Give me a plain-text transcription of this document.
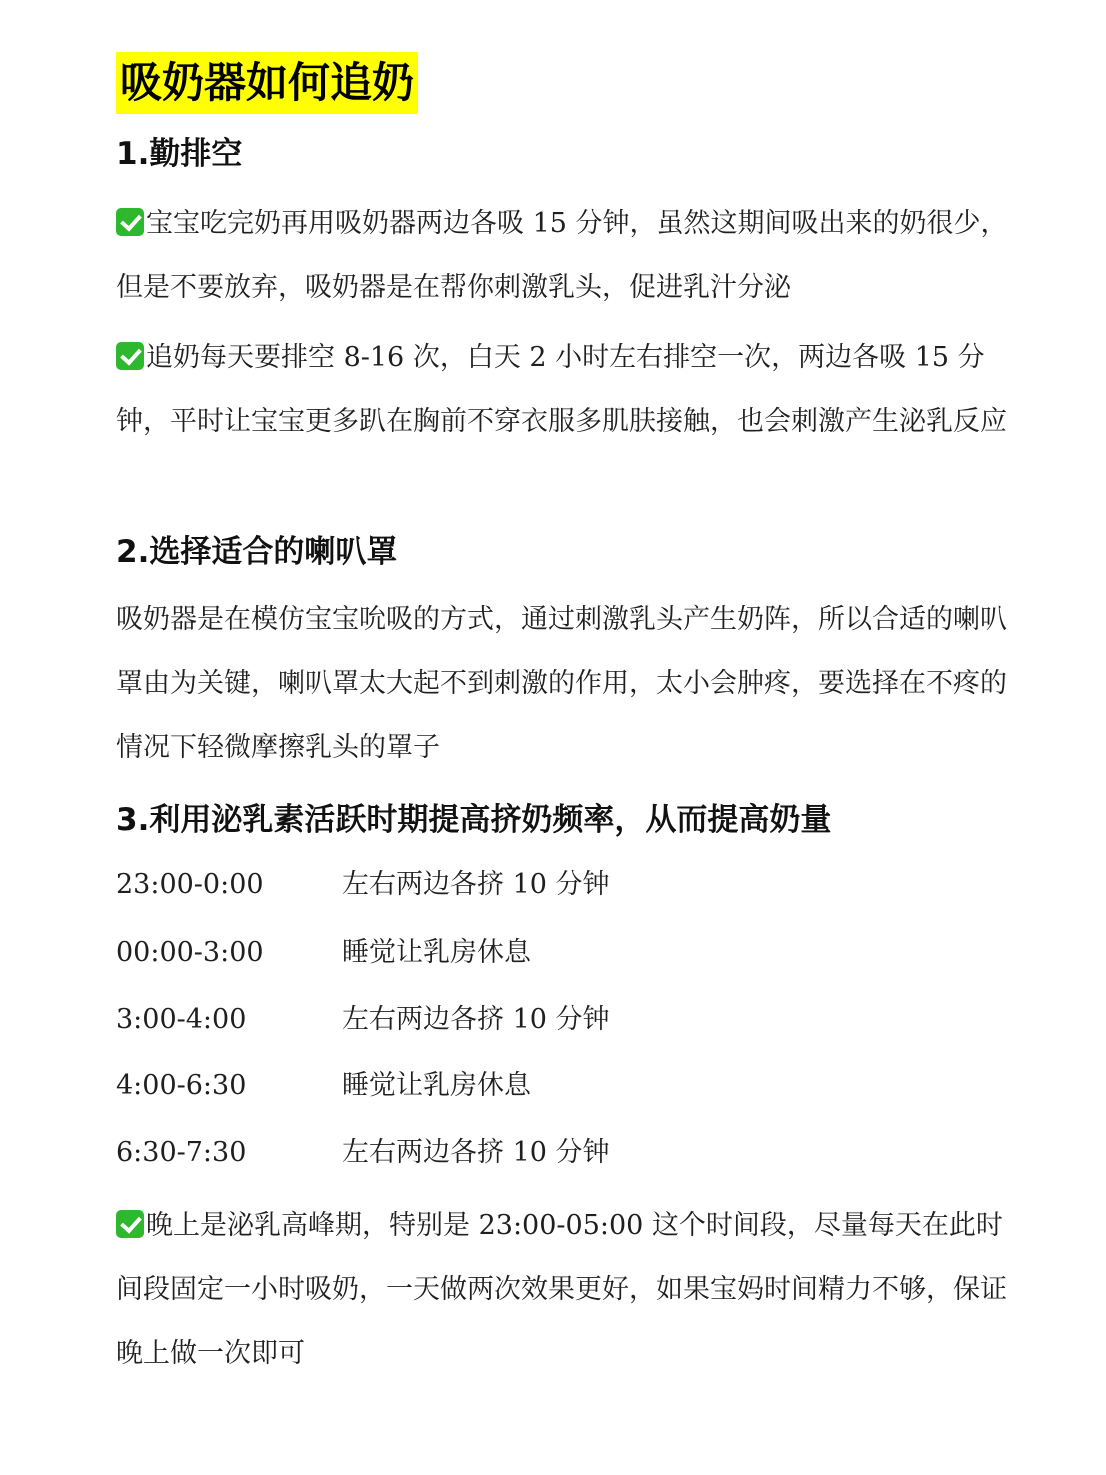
吸奶器如何追奶
1.勤排空

宝宝吃完奶再用吸奶器两边各吸 15 分钟，虽然这期间吸出来的奶很少，但是不要放弃，吸奶器是在帮你刺激乳头，促进乳汁分泌

追奶每天要排空 8-16 次，白天 2 小时左右排空一次，两边各吸 15 分钟，平时让宝宝更多趴在胸前不穿衣服多肌肤接触，也会刺激产生泌乳反应

2.选择适合的喇叭罩

吸奶器是在模仿宝宝吮吸的方式，通过刺激乳头产生奶阵，所以合适的喇叭罩由为关键，喇叭罩太大起不到刺激的作用，太小会肿疼，要选择在不疼的情况下轻微摩擦乳头的罩子

3.利用泌乳素活跃时期提高挤奶频率，从而提高奶量
23:00-0:00	左右两边各挤 10 分钟
00:00-3:00	睡觉让乳房休息
3:00-4:00	左右两边各挤 10 分钟
4:00-6:30	睡觉让乳房休息
6:30-7:30	左右两边各挤 10 分钟

晚上是泌乳高峰期，特别是 23:00-05:00 这个时间段，尽量每天在此时间段固定一小时吸奶，一天做两次效果更好，如果宝妈时间精力不够，保证晚上做一次即可
